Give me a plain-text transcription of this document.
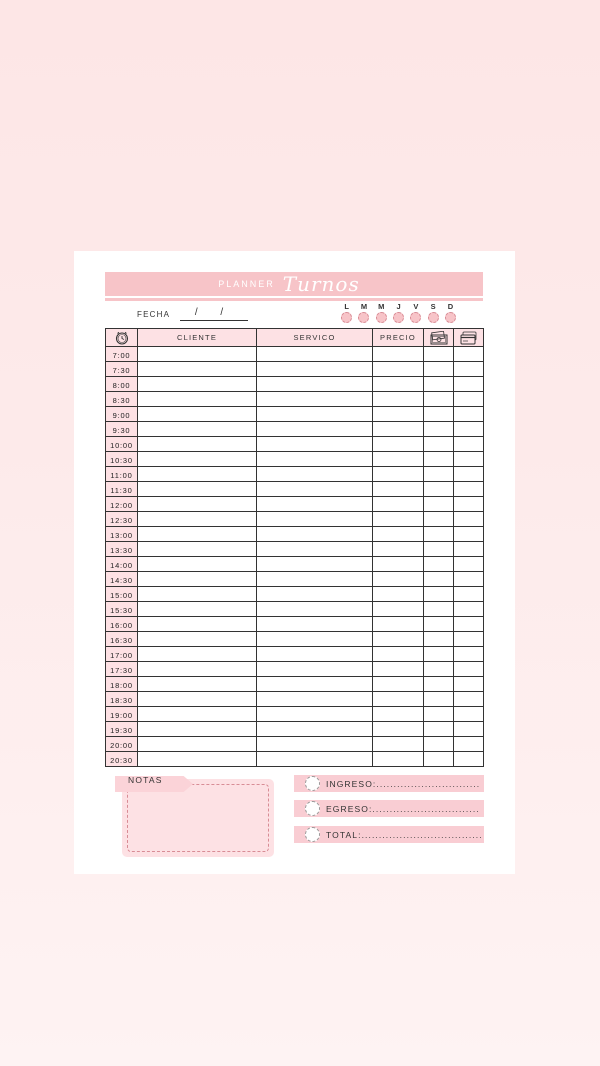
PLANNER Turnos
FECHA	/ /
L M M J V S D
	CLIENTE	SERVICO	PRECIO	

7:00					
7:30					
8:00					
8:30					
9:00					
9:30					
10:00					
10:30					
11:00					
11:30					
12:00					
12:30					
13:00					
13:30					
14:00					
14:30					
15:00					
15:30					
16:00					
16:30					
17:00					
17:30					
18:00					
18:30					
19:00					
19:30					
20:00					
20:30					
NOTAS	INGRESO:..............................
EGRESO:...............................
TOTAL:...................................
